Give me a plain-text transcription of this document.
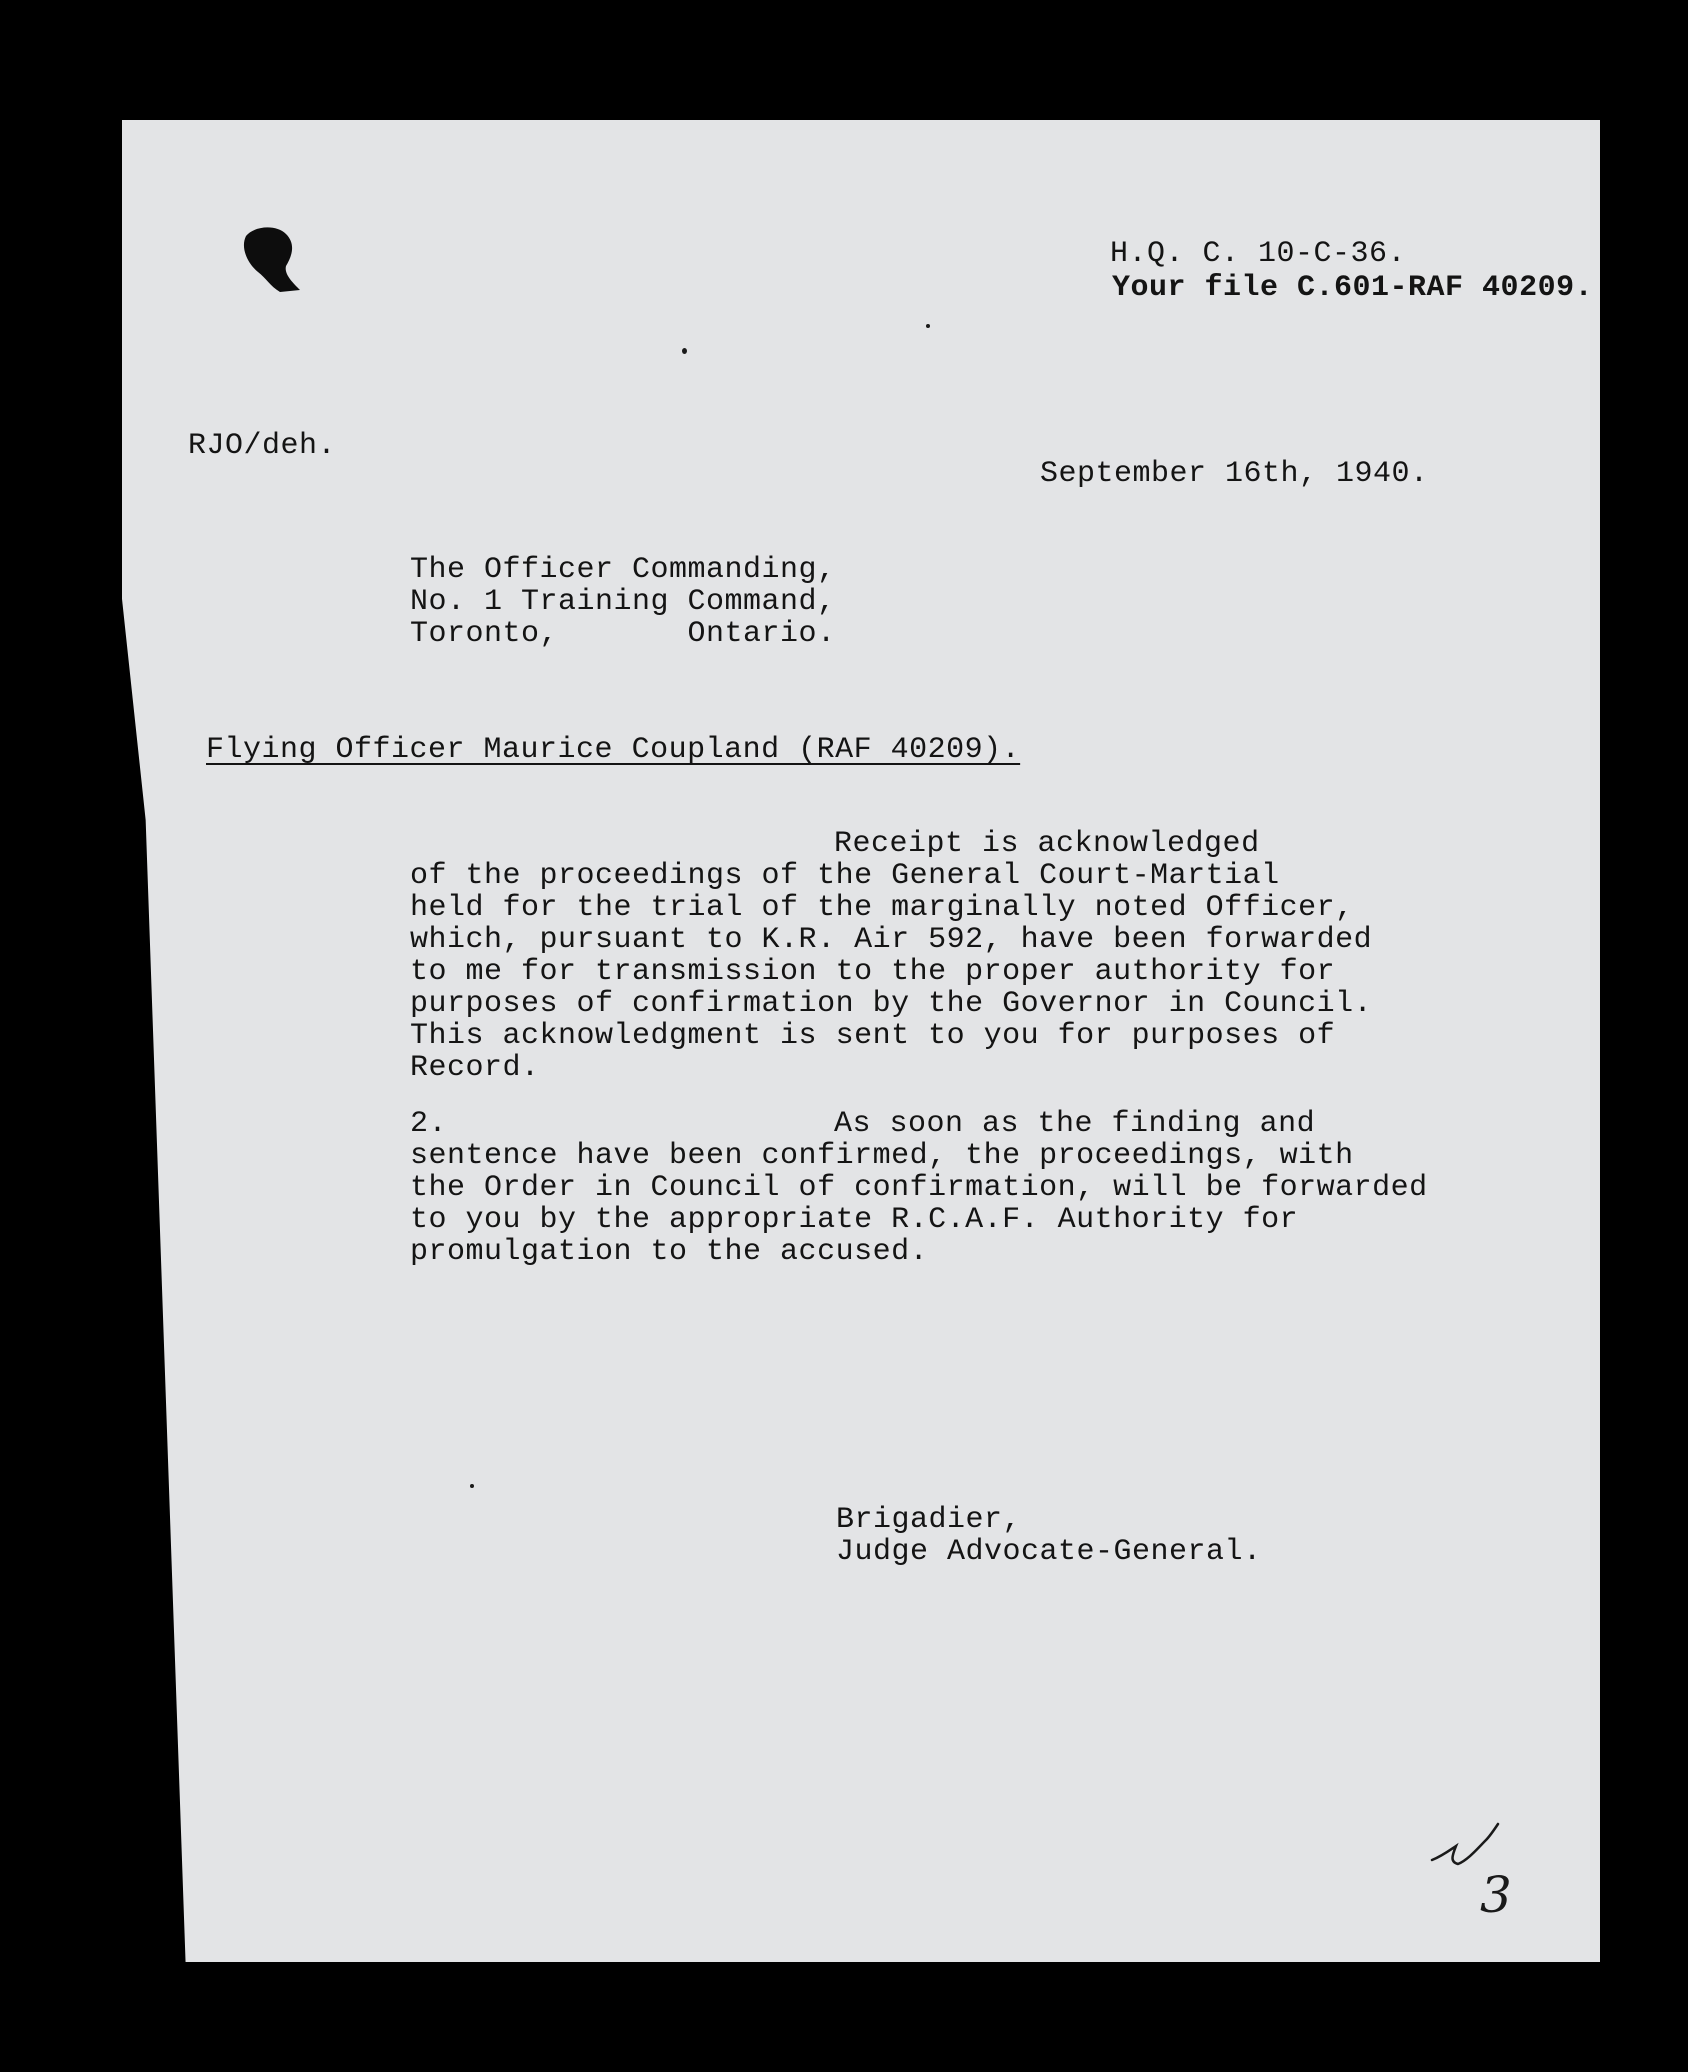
H.Q. C. 10-C-36.
Your file C.601-RAF 40209.
RJO/deh.
September 16th, 1940.
The Officer Commanding,
No. 1 Training Command,
Toronto,       Ontario.
Flying Officer Maurice Coupland (RAF 40209).
Receipt is acknowledged
of the proceedings of the General Court-Martial
held for the trial of the marginally noted Officer,
which, pursuant to K.R. Air 592, have been forwarded
to me for transmission to the proper authority for
purposes of confirmation by the Governor in Council.
This acknowledgment is sent to you for purposes of
Record.
2.	As soon as the finding and
sentence have been confirmed, the proceedings, with
the Order in Council of confirmation, will be forwarded
to you by the appropriate R.C.A.F. Authority for
promulgation to the accused.
Brigadier,
Judge Advocate-General.
3
